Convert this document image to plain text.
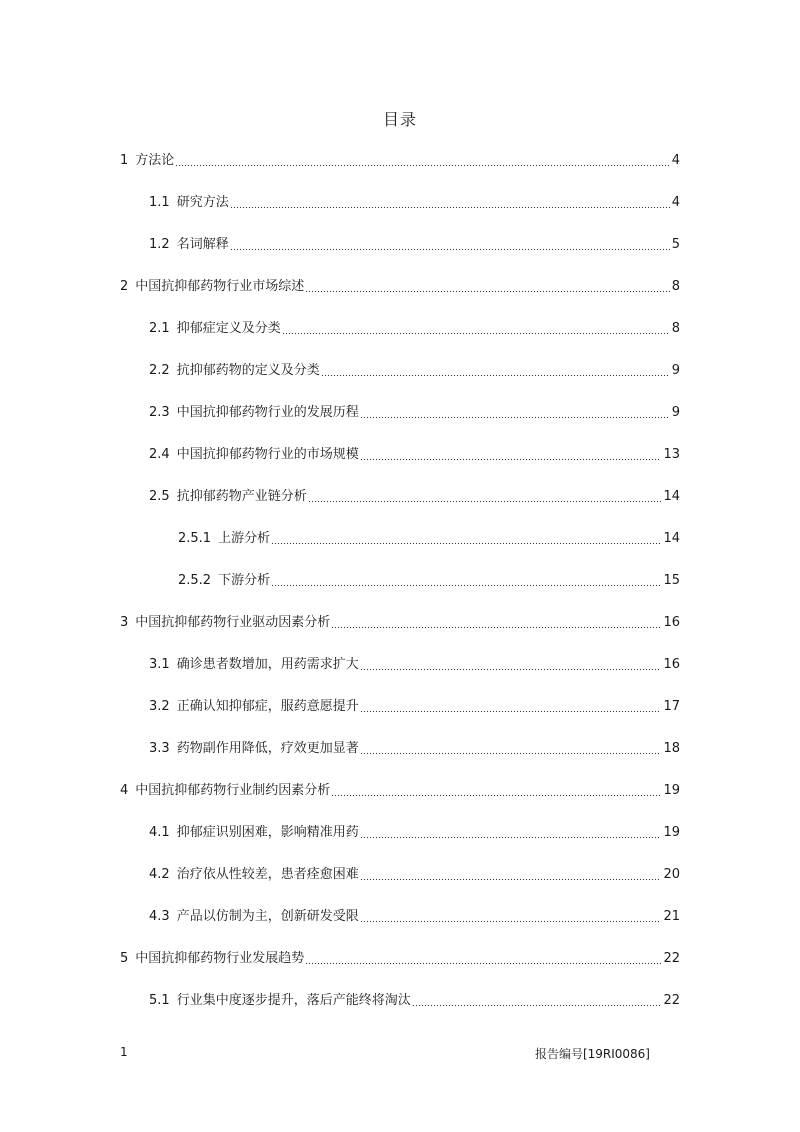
目录
1 方法论	4
1.1 研究方法	4
1.2 名词解释	5
2 中国抗抑郁药物行业市场综述	8
2.1 抑郁症定义及分类	8
2.2 抗抑郁药物的定义及分类	9
2.3 中国抗抑郁药物行业的发展历程	9
2.4 中国抗抑郁药物行业的市场规模	13
2.5 抗抑郁药物产业链分析	14
2.5.1 上游分析	14
2.5.2 下游分析	15
3 中国抗抑郁药物行业驱动因素分析	16
3.1 确诊患者数增加，用药需求扩大	16
3.2 正确认知抑郁症，服药意愿提升	17
3.3 药物副作用降低，疗效更加显著	18
4 中国抗抑郁药物行业制约因素分析	19
4.1 抑郁症识别困难，影响精准用药	19
4.2 治疗依从性较差，患者痊愈困难	20
4.3 产品以仿制为主，创新研发受限	21
5 中国抗抑郁药物行业发展趋势	22
5.1 行业集中度逐步提升，落后产能终将淘汰	22
1	报告编号[19RI0086]
